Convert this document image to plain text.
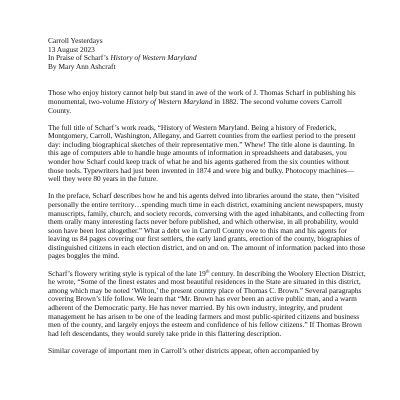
Carroll Yesterdays
13 August 2023
In Praise of Scharf’s History of Western Maryland
By Mary Ann Ashcraft

Those who enjoy history cannot help but stand in awe of the work of J. Thomas Scharf in publishing his monumental, two-volume History of Western Maryland in 1882. The second volume covers Carroll County.

The full title of Scharf’s work reads, “History of Western Maryland. Being a history of Frederick, Montgomery, Carroll, Washington, Allegany, and Garrett counties from the earliest period to the present day: including biographical sketches of their representative men.” Whew! The title alone is daunting. In this age of computers able to handle huge amounts of information in spreadsheets and databases, you wonder how Scharf could keep track of what he and his agents gathered from the six counties without those tools. Typewriters had just been invented in 1874 and were big and bulky. Photocopy machines—well they were 80 years in the future.

In the preface, Scharf describes how he and his agents delved into libraries around the state, then “visited personally the entire territory…spending much time in each district, examining ancient newspapers, musty manuscripts, family, church, and society records, conversing with the aged inhabitants, and collecting from them orally many interesting facts never before published, and which otherwise, in all probability, would soon have been lost altogether.” What a debt we in Carroll County owe to this man and his agents for leaving us 84 pages covering our first settlers, the early land grants, erection of the county, biographies of distinguished citizens in each election district, and on and on. The amount of information packed into those pages boggles the mind.

Scharf’s flowery writing style is typical of the late 19th century. In describing the Woolery Election District, he wrote, “Some of the finest estates and most beautiful residences in the State are situated in this district, among which may be noted ‘Wilton,’ the present country place of Thomas C. Brown.” Several paragraphs covering Brown’s life follow. We learn that “Mr. Brown has ever been an active public man, and a warm adherent of the Democratic party. He has never married. By his own industry, integrity, and prudent management he has arisen to be one of the leading farmers and most public-spirited citizens and business men of the county, and largely enjoys the esteem and confidence of his fellow citizens.” If Thomas Brown had left descendants, they would surely take pride in this flattering description.

Similar coverage of important men in Carroll’s other districts appear, often accompanied by
